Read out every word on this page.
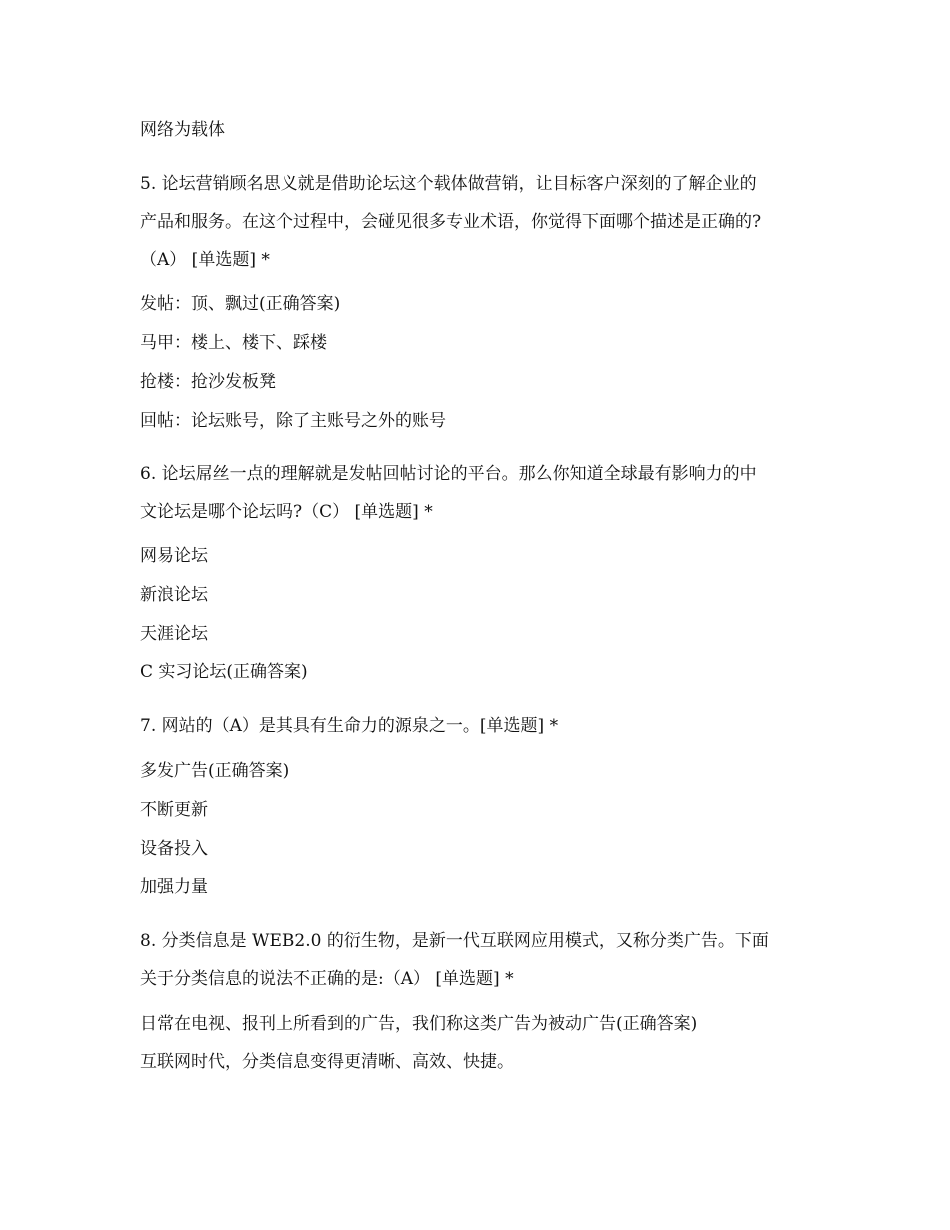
网络为载体
5. 论坛营销顾名思义就是借助论坛这个载体做营销，让目标客户深刻的了解企业的
产品和服务。在这个过程中，会碰见很多专业术语，你觉得下面哪个描述是正确的?
（A） [单选题] *
发帖：顶、飘过(正确答案)
马甲：楼上、楼下、踩楼
抢楼：抢沙发板凳
回帖：论坛账号，除了主账号之外的账号
6. 论坛屌丝一点的理解就是发帖回帖讨论的平台。那么你知道全球最有影响力的中
文论坛是哪个论坛吗?（C） [单选题] *
网易论坛
新浪论坛
天涯论坛
C 实习论坛(正确答案)
7. 网站的（A）是其具有生命力的源泉之一。[单选题] *
多发广告(正确答案)
不断更新
设备投入
加强力量
8. 分类信息是 WEB2.0 的衍生物，是新一代互联网应用模式，又称分类广告。下面
关于分类信息的说法不正确的是:（A） [单选题] *
日常在电视、报刊上所看到的广告，我们称这类广告为被动广告(正确答案)
互联网时代，分类信息变得更清晰、高效、快捷。
